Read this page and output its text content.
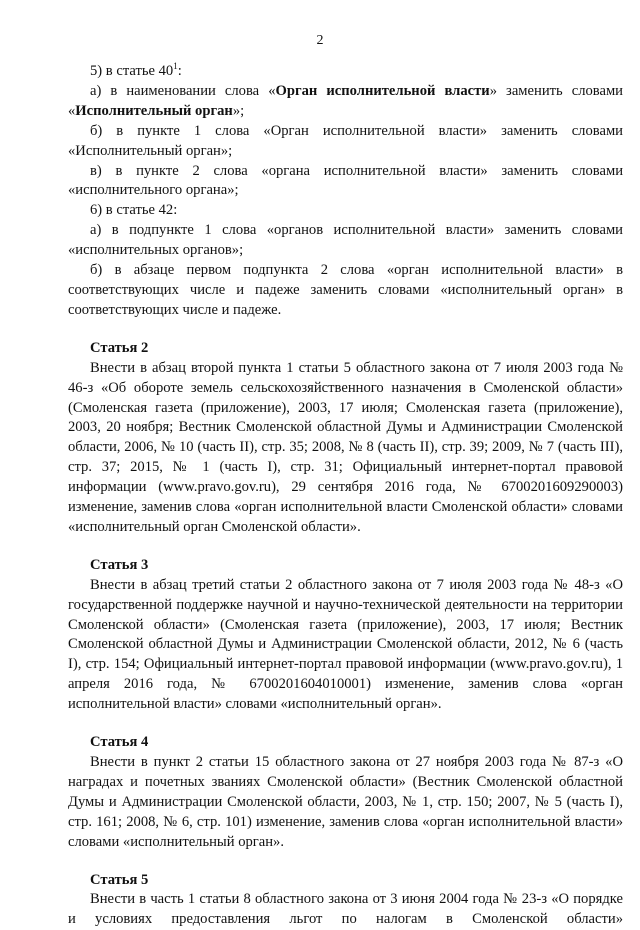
2

5) в статье $40^1$:

а) в наименовании слова «Орган исполнительной власти» заменить словами «Исполнительный орган»;

б) в пункте 1 слова «Орган исполнительной власти» заменить словами «Исполнительный орган»;

в) в пункте 2 слова «органа исполнительной власти» заменить словами «исполнительного органа»;

6) в статье 42:

а) в подпункте 1 слова «органов исполнительной власти» заменить словами «исполнительных органов»;

б) в абзаце первом подпункта 2 слова «орган исполнительной власти» в соответствующих числе и падеже заменить словами «исполнительный орган» в соответствующих числе и падеже.

Статья 2

Внести в абзац второй пункта 1 статьи 5 областного закона от 7 июля 2003 года № 46-з «Об обороте земель сельскохозяйственного назначения в Смоленской области» (Смоленская газета (приложение), 2003, 17 июля; Смоленская газета (приложение), 2003, 20 ноября; Вестник Смоленской областной Думы и Администрации Смоленской области, 2006, № 10 (часть II), стр. 35; 2008, № 8 (часть II), стр. 39; 2009, № 7 (часть III), стр. 37; 2015, № 1 (часть I), стр. 31; Официальный интернет-портал правовой информации (www.pravo.gov.ru), 29 сентября 2016 года, № 6700201609290003) изменение, заменив слова «орган исполнительной власти Смоленской области» словами «исполнительный орган Смоленской области».

Статья 3

Внести в абзац третий статьи 2 областного закона от 7 июля 2003 года № 48-з «О государственной поддержке научной и научно-технической деятельности на территории Смоленской области» (Смоленская газета (приложение), 2003, 17 июля; Вестник Смоленской областной Думы и Администрации Смоленской области, 2012, № 6 (часть I), стр. 154; Официальный интернет-портал правовой информации (www.pravo.gov.ru), 1 апреля 2016 года, № 6700201604010001) изменение, заменив слова «орган исполнительной власти» словами «исполнительный орган».

Статья 4

Внести в пункт 2 статьи 15 областного закона от 27 ноября 2003 года № 87-з «О наградах и почетных званиях Смоленской области» (Вестник Смоленской областной Думы и Администрации Смоленской области, 2003, № 1, стр. 150; 2007, № 5 (часть I), стр. 161; 2008, № 6, стр. 101) изменение, заменив слова «орган исполнительной власти» словами «исполнительный орган».

Статья 5

Внести в часть 1 статьи 8 областного закона от 3 июня 2004 года № 23-з «О порядке и условиях предоставления льгот по налогам в Смоленской области»
